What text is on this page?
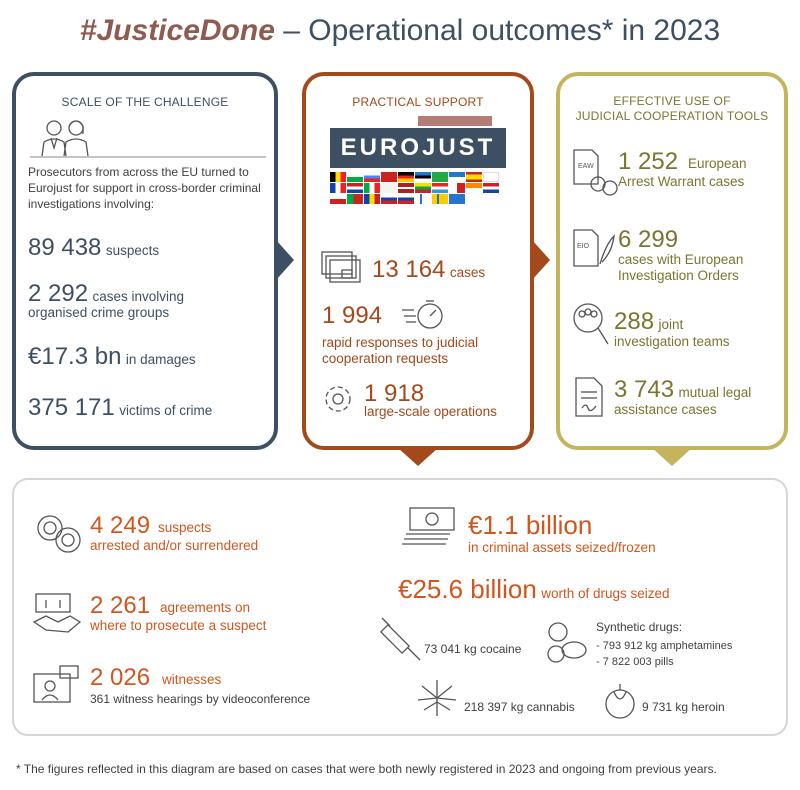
#JusticeDone – Operational outcomes* in 2023
SCALE OF THE CHALLENGE
Prosecutors from across the EU turned to Eurojust for support in cross-border criminal investigations involving:
89 438 suspects
2 292 cases involving
organised crime groups
€17.3 bn in damages
375 171 victims of crime
PRACTICAL SUPPORT
EUROJUST

13 164 cases
1 994
rapid responses to judicial cooperation requests
1 918
large-scale operations
EFFECTIVE USE OF
JUDICIAL COOPERATION TOOLS
EAW 1 252 European
Arrest Warrant cases
EIO 6 299
cases with European Investigation Orders
288 joint
investigation teams
3 743 mutual legal
assistance cases
4 249 suspects
arrested and/or surrendered
2 261 agreements on
where to prosecute a suspect
2 026 witnesses
361 witness hearings by videoconference
€1.1 billion
in criminal assets seized/frozen
€25.6 billion worth of drugs seized
73 041 kg cocaine
Synthetic drugs:
- 793 912 kg amphetamines
- 7 822 003 pills
218 397 kg cannabis	9 731 kg heroin
* The figures reflected in this diagram are based on cases that were both newly registered in 2023 and ongoing from previous years.
